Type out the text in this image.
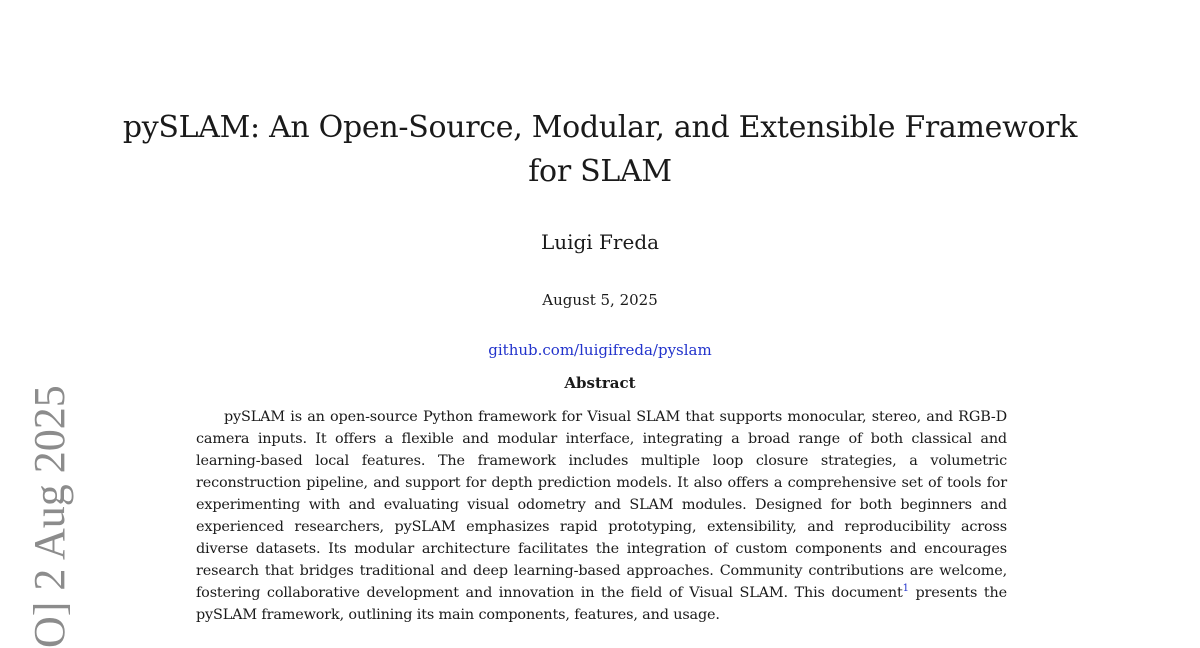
pySLAM: An Open-Source, Modular, and Extensible Framework for SLAM

Luigi Freda

August 5, 2025

github.com/luigifreda/pyslam

Abstract

pySLAM is an open-source Python framework for Visual SLAM that supports monocular, stereo, and RGB-D camera inputs. It offers a flexible and modular interface, integrating a broad range of both classical and learning-based local features. The framework includes multiple loop closure strategies, a volumetric reconstruction pipeline, and support for depth prediction models. It also offers a comprehensive set of tools for experimenting with and evaluating visual odometry and SLAM modules. Designed for both beginners and experienced researchers, pySLAM emphasizes rapid prototyping, extensibility, and reproducibility across diverse datasets. Its modular architecture facilitates the integration of custom components and encourages research that bridges traditional and deep learning-based approaches. Community contributions are welcome, fostering collaborative development and innovation in the field of Visual SLAM. This document$^1$ presents the pySLAM framework, outlining its main components, features, and usage.

O] 2 Aug 2025
